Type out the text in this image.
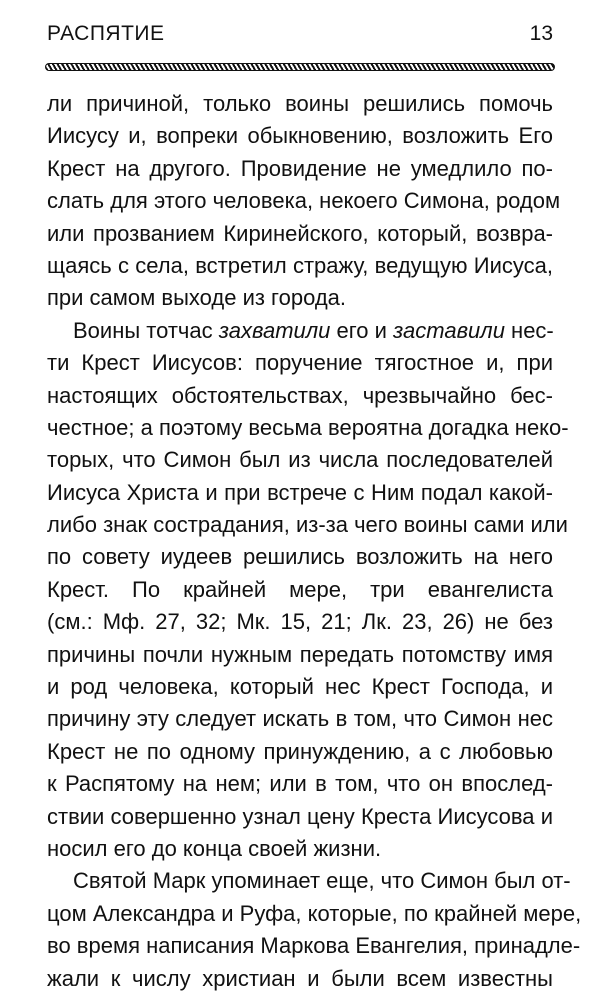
РАСПЯТИЕ	13
ли причиной, только воины решились помочь
Иисусу и, вопреки обыкновению, возложить Его
Крест на другого. Провидение не умедлило по-
слать для этого человека, некоего Симона, родом
или прозванием Киринейского, который, возвра-
щаясь с села, встретил стражу, ведущую Иисуса,
при самом выходе из города.
Воины тотчас захватили его и заставили нес-
ти Крест Иисусов: поручение тягостное и, при
настоящих обстоятельствах, чрезвычайно бес-
честное; а поэтому весьма вероятна догадка неко-
торых, что Симон был из числа последователей
Иисуса Христа и при встрече с Ним подал какой-
либо знак сострадания, из-за чего воины сами или
по совету иудеев решились возложить на него
Крест. По крайней мере, три евангелиста
(см.: Мф. 27, 32; Мк. 15, 21; Лк. 23, 26) не без
причины почли нужным передать потомству имя
и род человека, который нес Крест Господа, и
причину эту следует искать в том, что Симон нес
Крест не по одному принуждению, а с любовью
к Распятому на нем; или в том, что он впослед-
ствии совершенно узнал цену Креста Иисусова и
носил его до конца своей жизни.
Святой Марк упоминает еще, что Симон был от-
цом Александра и Руфа, которые, по крайней мере,
во время написания Маркова Евангелия, принадле-
жали к числу христиан и были всем известны
